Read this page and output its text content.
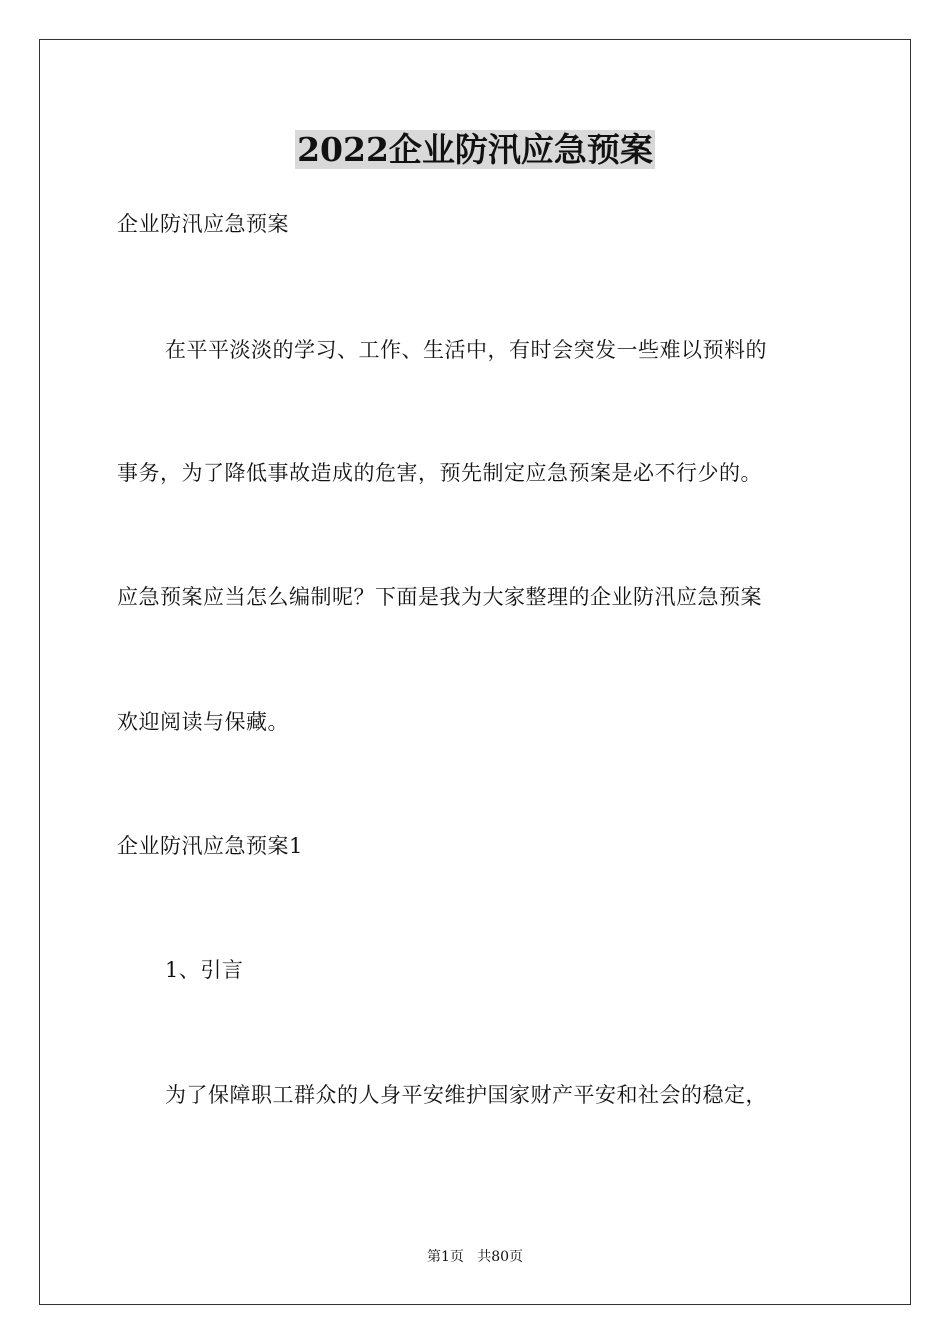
2022企业防汛应急预案
企业防汛应急预案
在平平淡淡的学习、工作、生活中，有时会突发一些难以预料的
事务，为了降低事故造成的危害，预先制定应急预案是必不行少的。
应急预案应当怎么编制呢？下面是我为大家整理的企业防汛应急预案
欢迎阅读与保藏。
企业防汛应急预案1
1、引言
为了保障职工群众的人身平安维护国家财产平安和社会的稳定，
第1页   共80页
